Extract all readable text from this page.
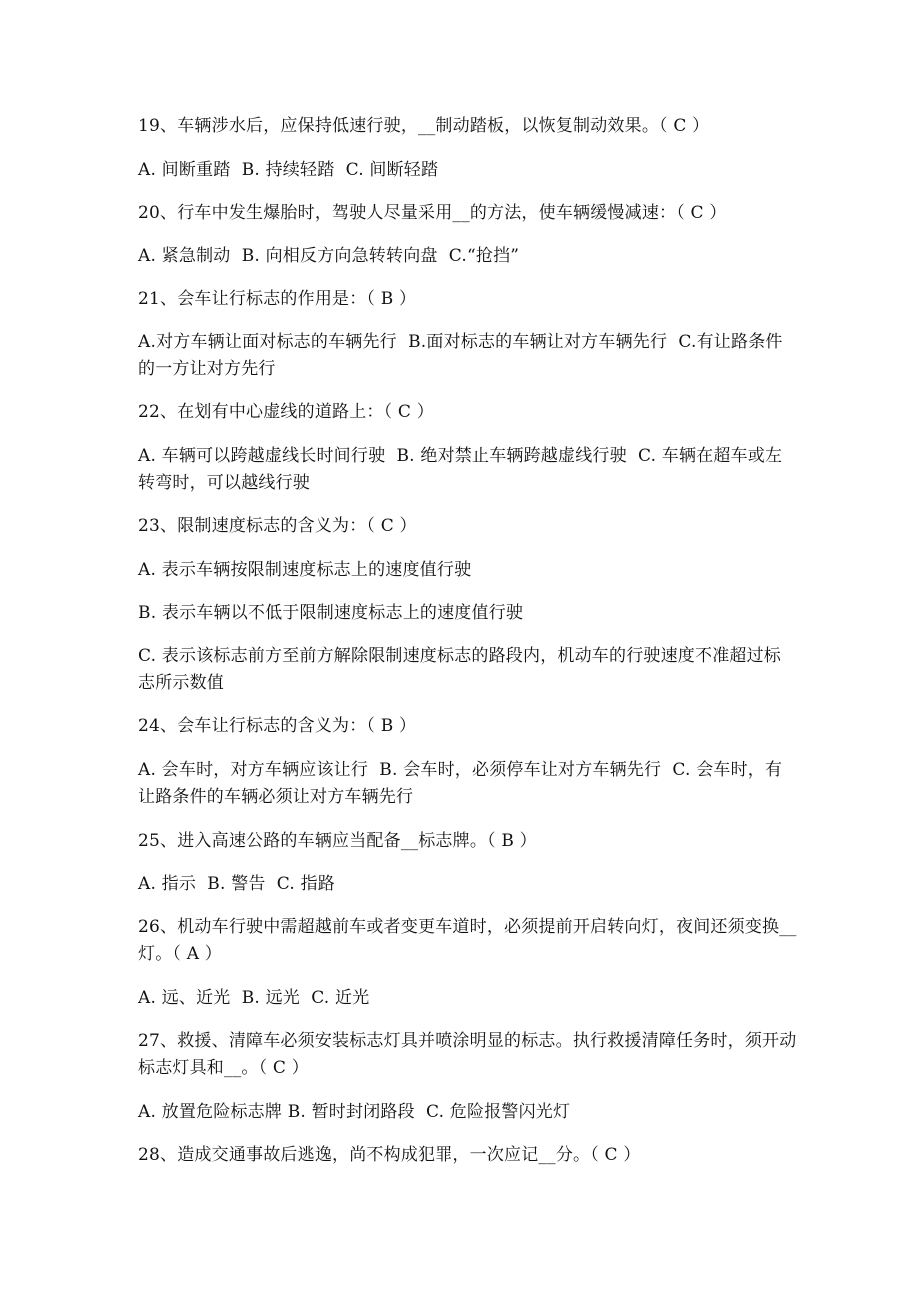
19、车辆涉水后，应保持低速行驶，__制动踏板，以恢复制动效果。（ C ）
A. 间断重踏  B. 持续轻踏  C. 间断轻踏
20、行车中发生爆胎时，驾驶人尽量采用__的方法，使车辆缓慢减速：（ C ）
A. 紧急制动  B. 向相反方向急转转向盘  C.“抢挡”
21、会车让行标志的作用是：（ B ）
A.对方车辆让面对标志的车辆先行  B.面对标志的车辆让对方车辆先行  C.有让路条件的一方让对方先行
22、在划有中心虚线的道路上：（ C ）
A. 车辆可以跨越虚线长时间行驶  B. 绝对禁止车辆跨越虚线行驶  C. 车辆在超车或左转弯时，可以越线行驶
23、限制速度标志的含义为：（ C ）
A. 表示车辆按限制速度标志上的速度值行驶
B. 表示车辆以不低于限制速度标志上的速度值行驶
C. 表示该标志前方至前方解除限制速度标志的路段内，机动车的行驶速度不准超过标志所示数值
24、会车让行标志的含义为：（ B ）
A. 会车时，对方车辆应该让行  B. 会车时，必须停车让对方车辆先行  C. 会车时，有让路条件的车辆必须让对方车辆先行
25、进入高速公路的车辆应当配备__标志牌。（ B ）
A. 指示  B. 警告  C. 指路
26、机动车行驶中需超越前车或者变更车道时，必须提前开启转向灯，夜间还须变换__灯。（ A ）
A. 远、近光  B. 远光  C. 近光
27、救援、清障车必须安装标志灯具并喷涂明显的标志。执行救援清障任务时，须开动标志灯具和__。（ C ）
A. 放置危险标志牌 B. 暂时封闭路段  C. 危险报警闪光灯
28、造成交通事故后逃逸，尚不构成犯罪，一次应记__分。（ C ）
